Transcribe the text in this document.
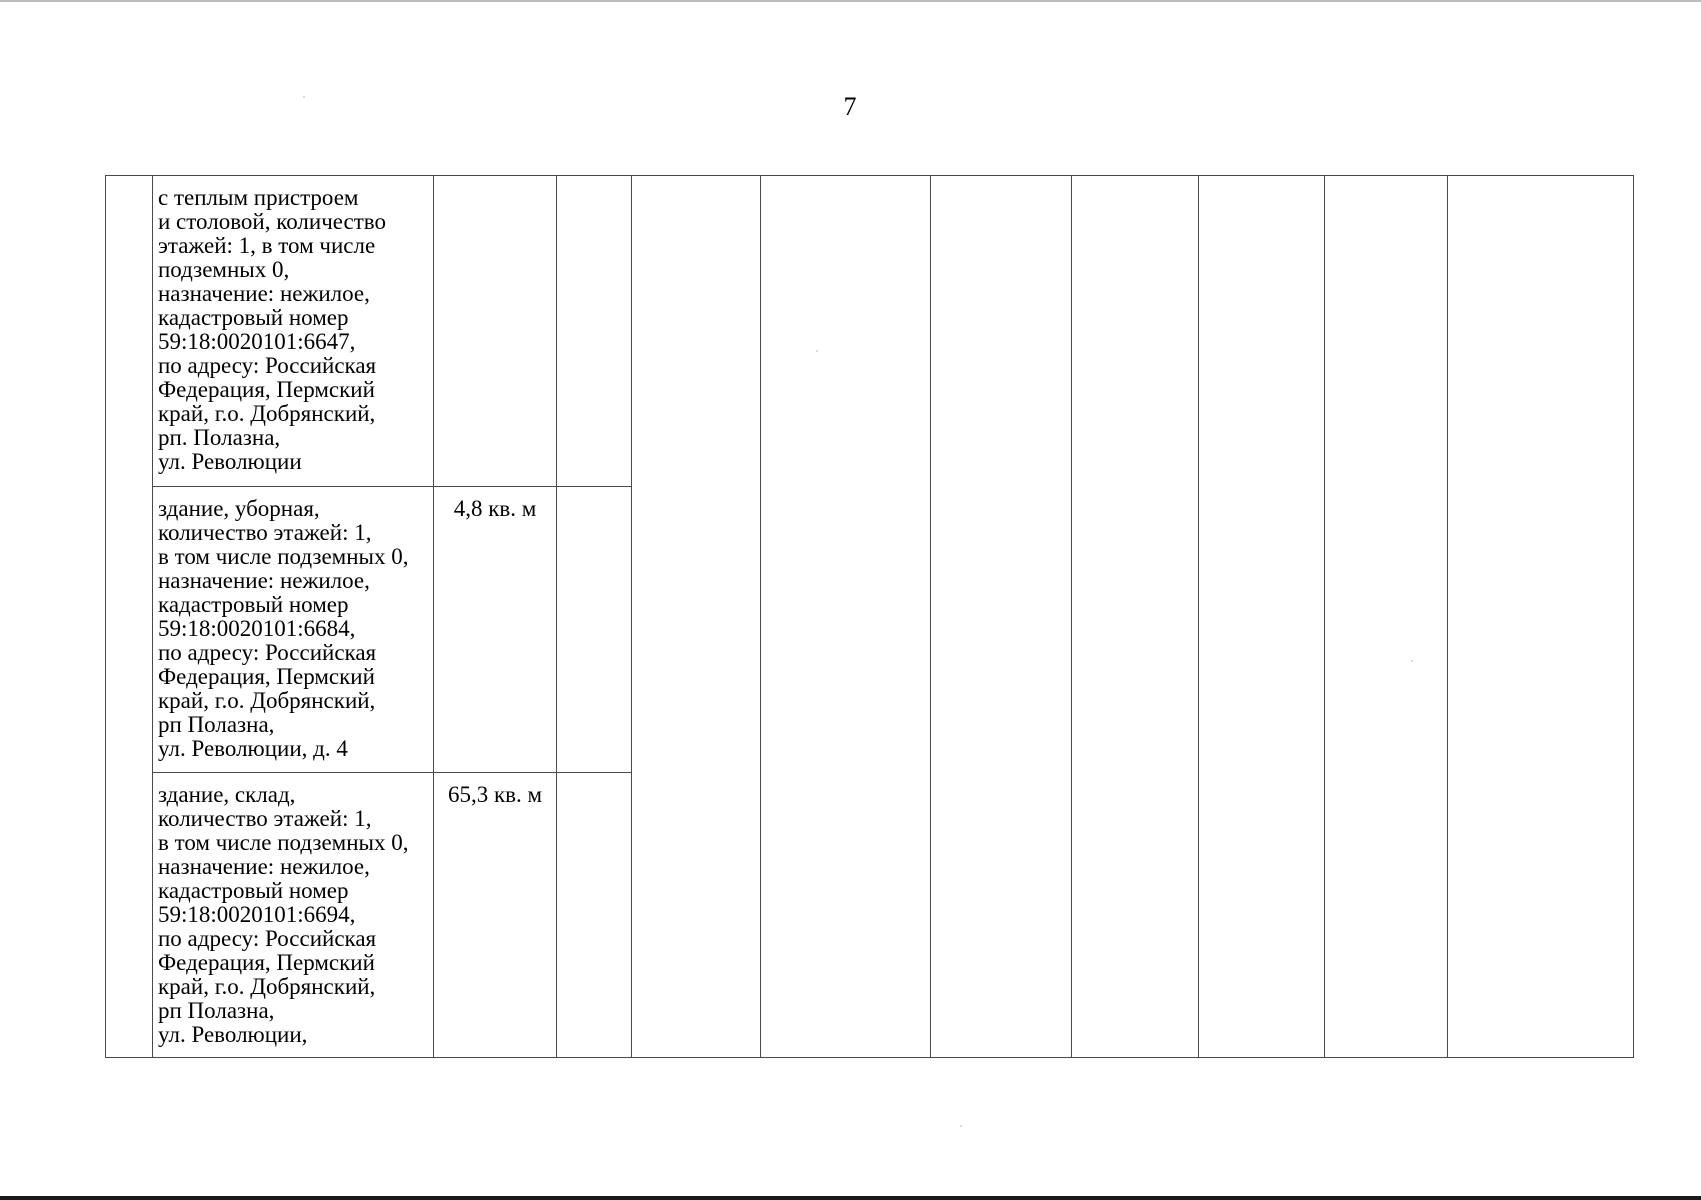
7

с теплым пристроем
и столовой, количество
этажей: 1, в том числе
подземных 0,
назначение: нежилое,
кадастровый номер
59:18:0020101:6647,
по адресу: Российская
Федерация, Пермский
край, г.о. Добрянский,
рп. Полазна,
ул. Революции

здание, уборная,
количество этажей: 1,
в том числе подземных 0,
назначение: нежилое,
кадастровый номер
59:18:0020101:6684,
по адресу: Российская
Федерация, Пермский
край, г.о. Добрянский,
рп Полазна,
ул. Революции, д. 4

4,8 кв. м

здание, склад,
количество этажей: 1,
в том числе подземных 0,
назначение: нежилое,
кадастровый номер
59:18:0020101:6694,
по адресу: Российская
Федерация, Пермский
край, г.о. Добрянский,
рп Полазна,
ул. Революции,

65,3 кв. м
